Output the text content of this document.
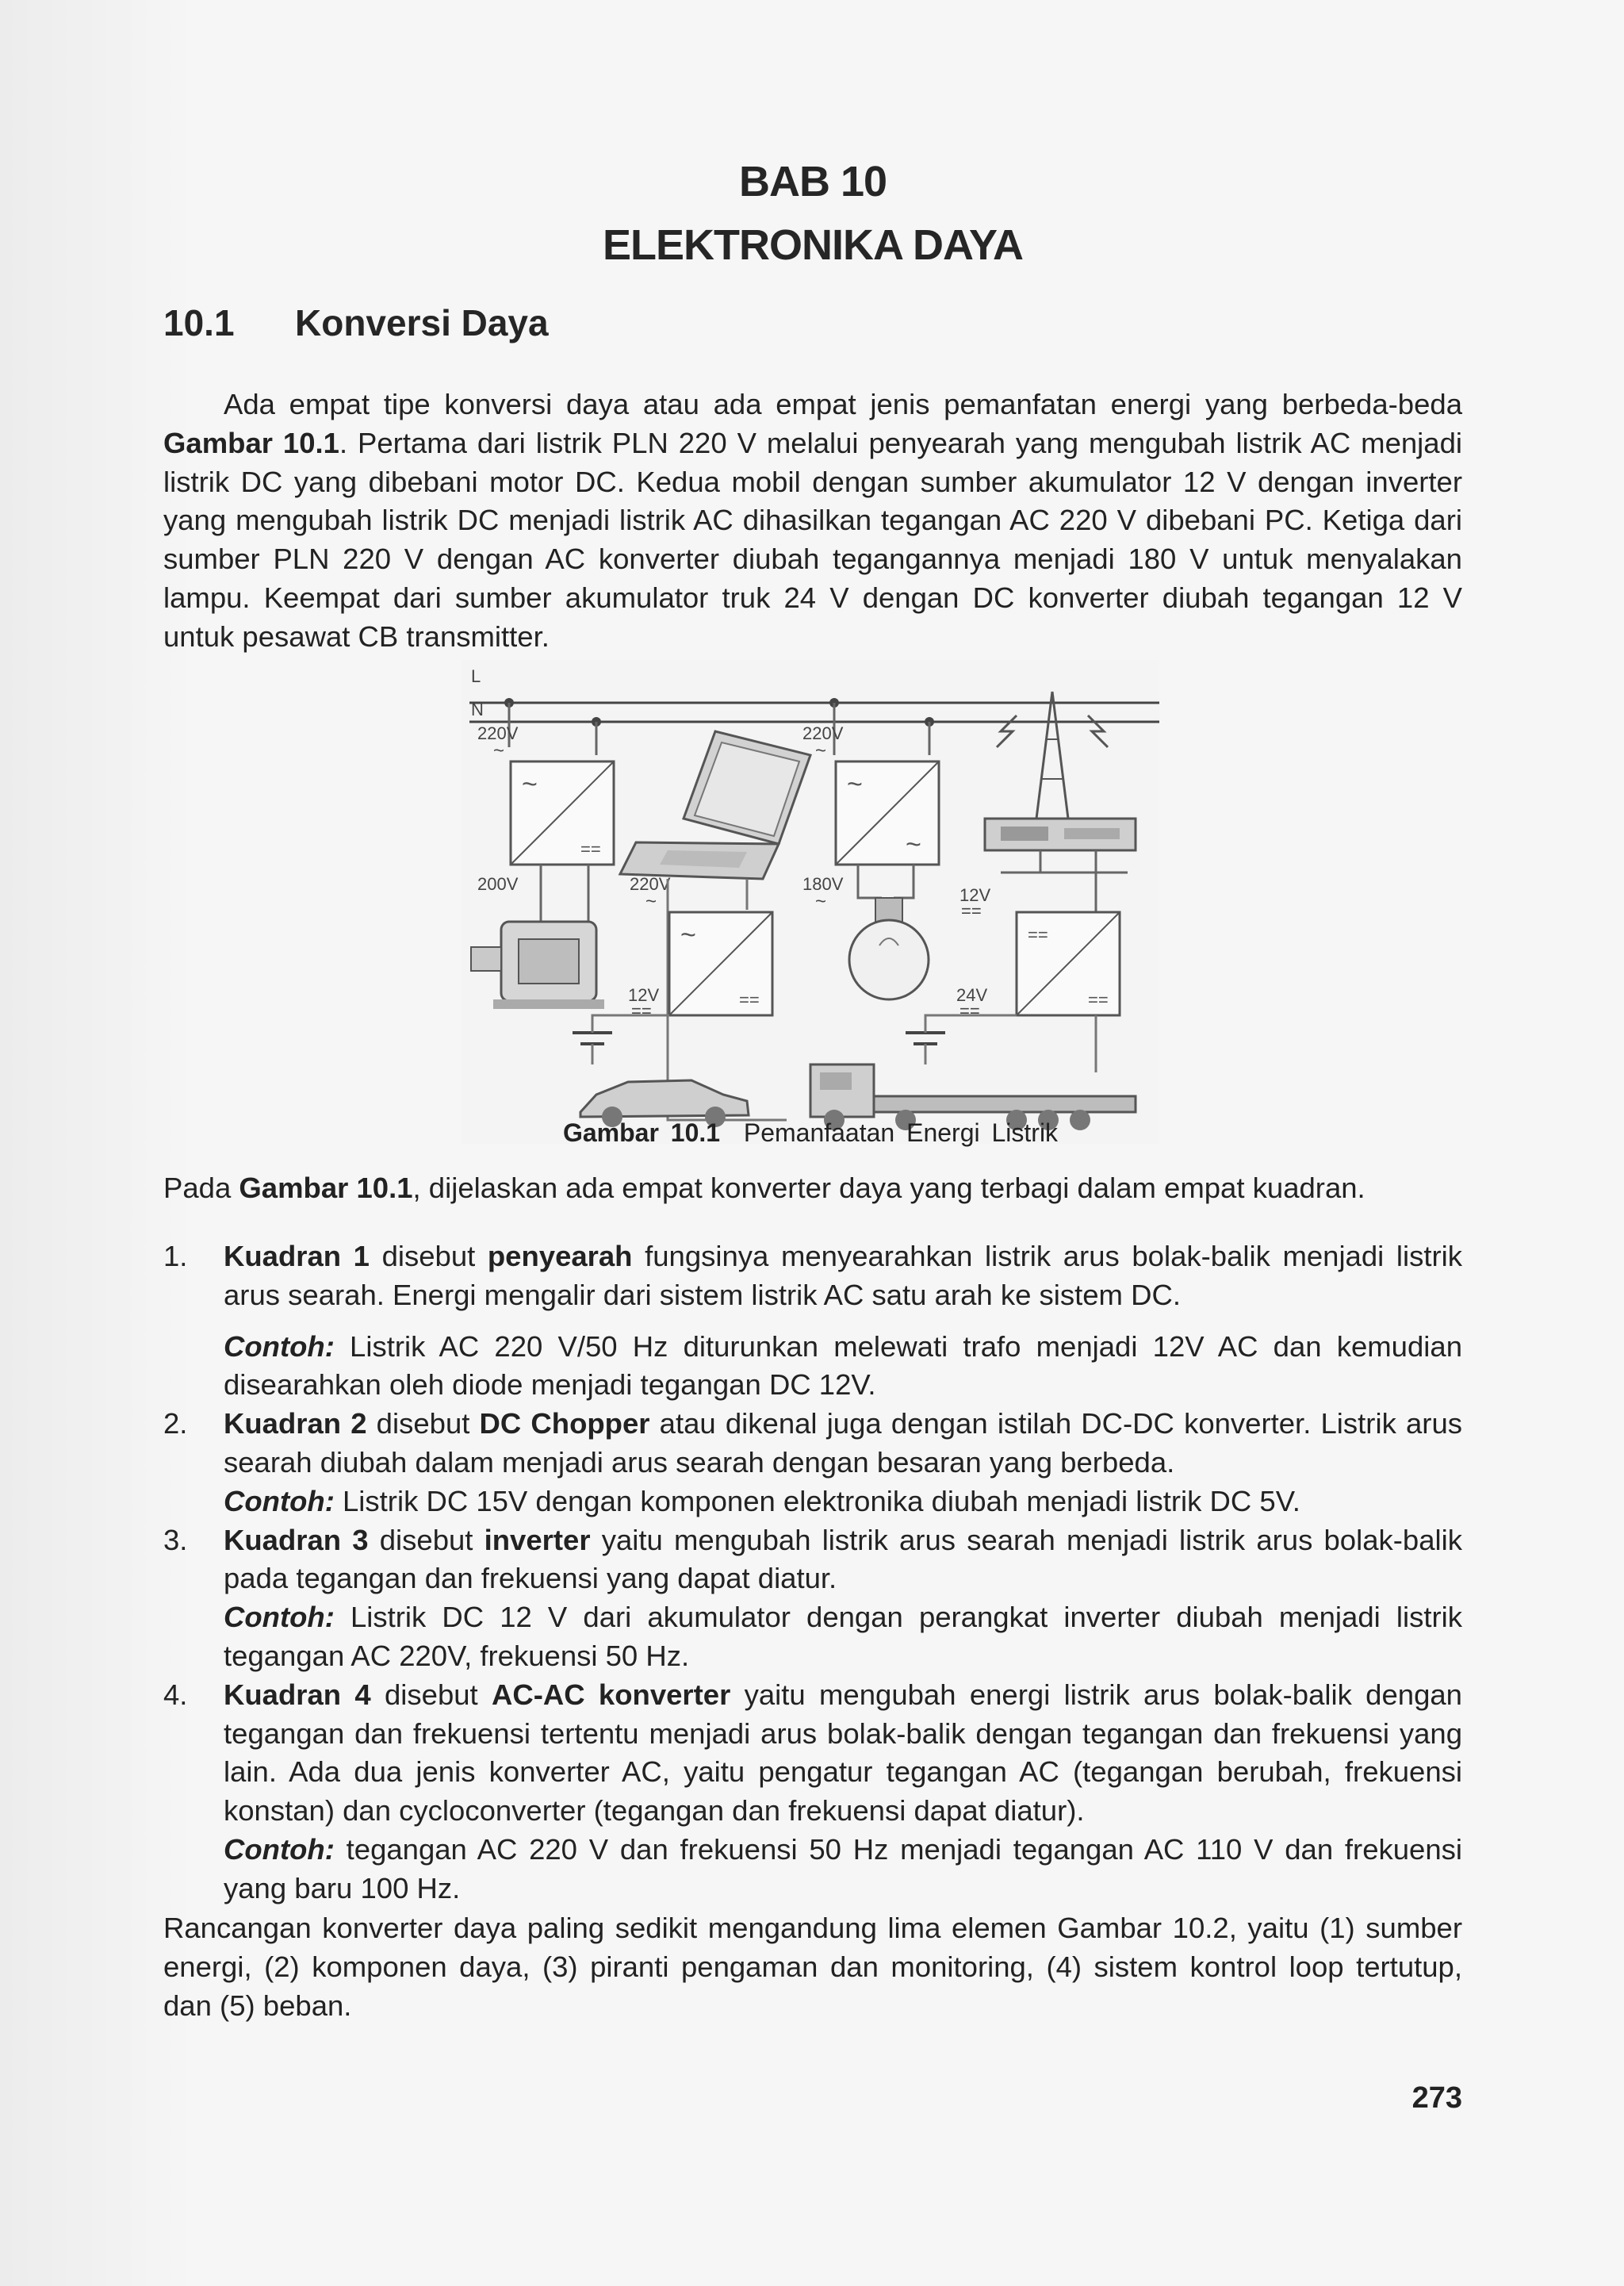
BAB 10
ELEKTRONIKA DAYA
10.1 Konversi Daya
Ada empat tipe konversi daya atau ada empat jenis pemanfatan energi yang berbeda-beda Gambar 10.1. Pertama dari listrik PLN 220 V melalui penyearah yang mengubah listrik AC menjadi listrik DC yang dibebani motor DC. Kedua mobil dengan sumber akumulator 12 V dengan inverter yang mengubah listrik DC menjadi listrik AC dihasilkan tegangan AC 220 V dibebani PC. Ketiga dari sumber PLN 220 V dengan AC konverter diubah tegangannya menjadi 180 V untuk menyalakan lampu. Keempat dari sumber akumulator truk 24 V dengan DC konverter diubah tegangan 12 V untuk pesawat CB transmitter.
L
N
220V
~
~
==
200V	220V
~
~
==
12V
==
220V
~
~
~
180V
~	12V
==
==
==
24V
==
Gambar 10.1 Pemanfaatan Energi Listrik
Pada Gambar 10.1, dijelaskan ada empat konverter daya yang terbagi dalam empat kuadran.
1. Kuadran 1 disebut penyearah fungsinya menyearahkan listrik arus bolak-balik menjadi listrik arus searah. Energi mengalir dari sistem listrik AC satu arah ke sistem DC.
Contoh: Listrik AC 220 V/50 Hz diturunkan melewati trafo menjadi 12V AC dan kemudian disearahkan oleh diode menjadi tegangan DC 12V.
2. Kuadran 2 disebut DC Chopper atau dikenal juga dengan istilah DC-DC konverter. Listrik arus searah diubah dalam menjadi arus searah dengan besaran yang berbeda.
Contoh: Listrik DC 15V dengan komponen elektronika diubah menjadi listrik DC 5V.
3. Kuadran 3 disebut inverter yaitu mengubah listrik arus searah menjadi listrik arus bolak-balik pada tegangan dan frekuensi yang dapat diatur.
Contoh: Listrik DC 12 V dari akumulator dengan perangkat inverter diubah menjadi listrik tegangan AC 220V, frekuensi 50 Hz.
4. Kuadran 4 disebut AC-AC konverter yaitu mengubah energi listrik arus bolak-balik dengan tegangan dan frekuensi tertentu menjadi arus bolak-balik dengan tegangan dan frekuensi yang lain. Ada dua jenis konverter AC, yaitu pengatur tegangan AC (tegangan berubah, frekuensi konstan) dan cycloconverter (tegangan dan frekuensi dapat diatur).
Contoh: tegangan AC 220 V dan frekuensi 50 Hz menjadi tegangan AC 110 V dan frekuensi yang baru 100 Hz.
Rancangan konverter daya paling sedikit mengandung lima elemen Gambar 10.2, yaitu (1) sumber energi, (2) komponen daya, (3) piranti pengaman dan monitoring, (4) sistem kontrol loop tertutup, dan (5) beban.
273
